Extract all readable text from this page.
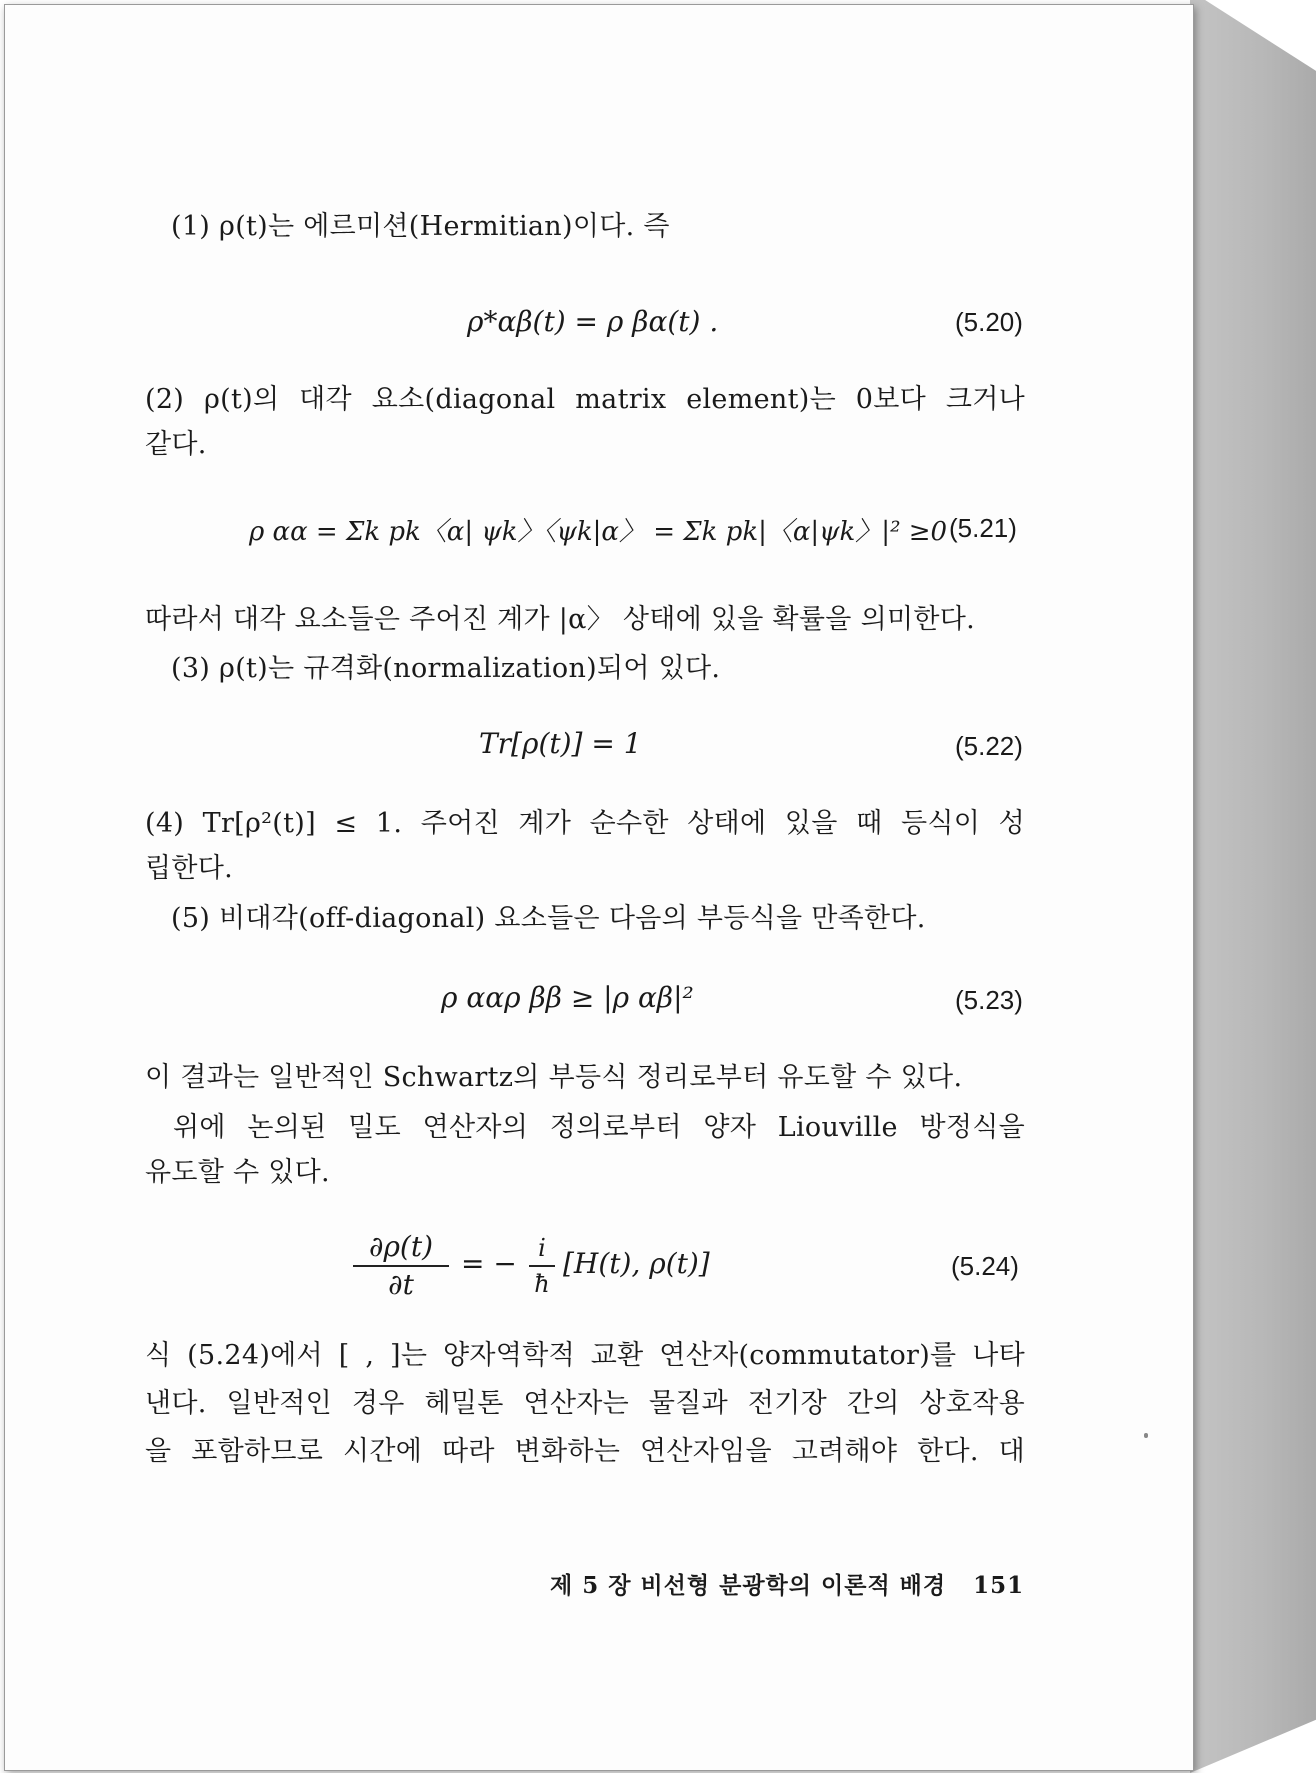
(1) ρ(t)는 에르미션(Hermitian)이다. 즉
ρ*αβ(t) = ρ βα(t) .	(5.20)
(2) ρ(t)의 대각 요소(diagonal matrix element)는 0보다 크거나
같다.
ρ αα = Σk pk〈α| ψk〉〈ψk|α〉 = Σk pk|〈α|ψk〉|² ≥0 (5.21)
따라서 대각 요소들은 주어진 계가 |α〉 상태에 있을 확률을 의미한다.
(3) ρ(t)는 규격화(normalization)되어 있다.
Tr[ρ(t)] = 1	(5.22)
(4) Tr[ρ²(t)] ≤ 1. 주어진 계가 순수한 상태에 있을 때 등식이 성
립한다.
(5) 비대각(off-diagonal) 요소들은 다음의 부등식을 만족한다.
ρ ααρ ββ ≥ |ρ αβ|²	(5.23)
이 결과는 일반적인 Schwartz의 부등식 정리로부터 유도할 수 있다.
위에 논의된 밀도 연산자의 정의로부터 양자 Liouville 방정식을
유도할 수 있다.
$\frac{\partial\rho(t)}{\partial t}$ = − $\frac{i}{ħ} [H(t)$, ρ(t)]	(5.24)
식 (5.24)에서 [ , ]는 양자역학적 교환 연산자(commutator)를 나타
낸다. 일반적인 경우 헤밀톤 연산자는 물질과 전기장 간의 상호작용
을 포함하므로 시간에 따라 변화하는 연산자임을 고려해야 한다. 대
제 5 장 비선형 분광학의 이론적 배경 151
